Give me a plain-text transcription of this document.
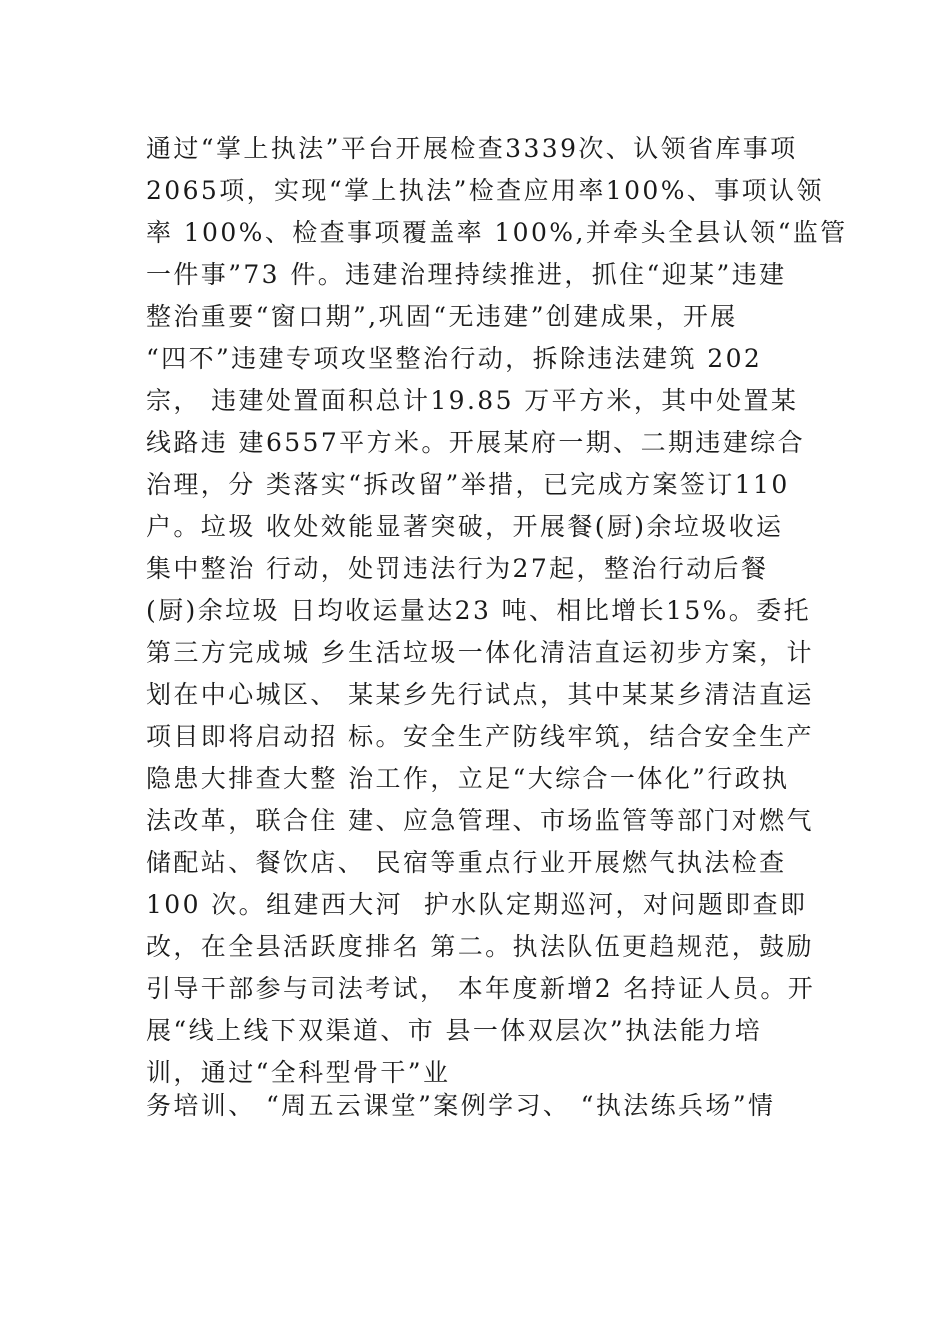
通过“掌上执法”平台开展检查3339次、认领省库事项
2065项，实现“掌上执法”检查应用率100%、事项认领
率 100%、检查事项覆盖率 100%,并牵头全县认领“监管
一件事”73 件。违建治理持续推进，抓住“迎某”违建
整治重要“窗口期”,巩固“无违建”创建成果，开展
“四不”违建专项攻坚整治行动，拆除违法建筑 202
宗， 违建处置面积总计19.85 万平方米，其中处置某
线路违 建6557平方米。开展某府一期、二期违建综合
治理，分 类落实“拆改留”举措，已完成方案签订110
户。垃圾 收处效能显著突破，开展餐(厨)余垃圾收运
集中整治 行动，处罚违法行为27起，整治行动后餐
(厨)余垃圾 日均收运量达23 吨、相比增长15%。委托
第三方完成城 乡生活垃圾一体化清洁直运初步方案，计
划在中心城区、 某某乡先行试点，其中某某乡清洁直运
项目即将启动招 标。安全生产防线牢筑，结合安全生产
隐患大排查大整 治工作，立足“大综合一体化”行政执
法改革，联合住 建、应急管理、市场监管等部门对燃气
储配站、餐饮店、 民宿等重点行业开展燃气执法检查
100 次。组建西大河  护水队定期巡河，对问题即查即
改，在全县活跃度排名 第二。执法队伍更趋规范，鼓励
引导干部参与司法考试， 本年度新增2 名持证人员。开
展“线上线下双渠道、市 县一体双层次”执法能力培
训，通过“全科型骨干”业
务培训、 “周五云课堂”案例学习、 “执法练兵场”情
